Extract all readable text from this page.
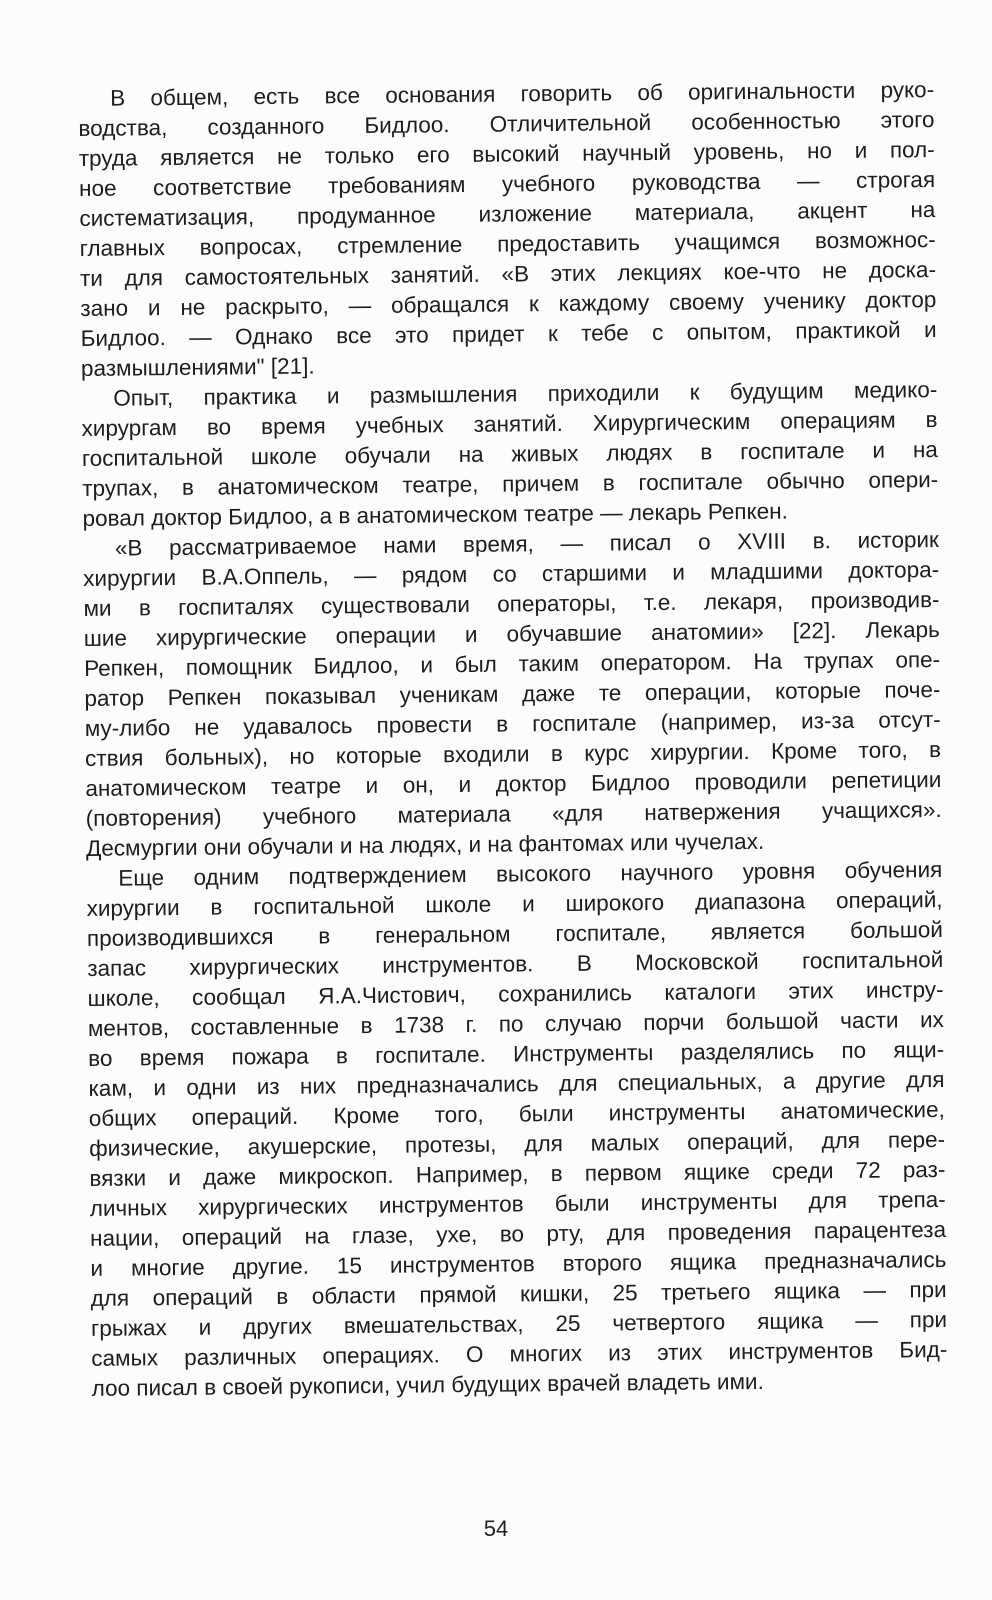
В общем, есть все основания говорить об оригинальности руко-
водства, созданного Бидлоо. Отличительной особенностью этого
труда является не только его высокий научный уровень, но и пол-
ное соответствие требованиям учебного руководства — строгая
систематизация, продуманное изложение материала, акцент на
главных вопросах, стремление предоставить учащимся возможнос-
ти для самостоятельных занятий. «В этих лекциях кое-что не доска-
зано и не раскрыто, — обращался к каждому своему ученику доктор
Бидлоо. — Однако все это придет к тебе с опытом, практикой и
размышлениями" [21].

Опыт, практика и размышления приходили к будущим медико-
хирургам во время учебных занятий. Хирургическим операциям в
госпитальной школе обучали на живых людях в госпитале и на
трупах, в анатомическом театре, причем в госпитале обычно опери-
ровал доктор Бидлоо, а в анатомическом театре — лекарь Репкен.

«В рассматриваемое нами время, — писал о XVIII в. историк
хирургии В.А.Оппель, — рядом со старшими и младшими доктора-
ми в госпиталях существовали операторы, т.е. лекаря, производив-
шие хирургические операции и обучавшие анатомии» [22]. Лекарь
Репкен, помощник Бидлоо, и был таким оператором. На трупах опе-
ратор Репкен показывал ученикам даже те операции, которые поче-
му-либо не удавалось провести в госпитале (например, из-за отсут-
ствия больных), но которые входили в курс хирургии. Кроме того, в
анатомическом театре и он, и доктор Бидлоо проводили репетиции
(повторения) учебного материала «для натвержения учащихся».
Десмургии они обучали и на людях, и на фантомах или чучелах.

Еще одним подтверждением высокого научного уровня обучения
хирургии в госпитальной школе и широкого диапазона операций,
производившихся в генеральном госпитале, является большой
запас хирургических инструментов. В Московской госпитальной
школе, сообщал Я.А.Чистович, сохранились каталоги этих инстру-
ментов, составленные в 1738 г. по случаю порчи большой части их
во время пожара в госпитале. Инструменты разделялись по ящи-
кам, и одни из них предназначались для специальных, а другие для
общих операций. Кроме того, были инструменты анатомические,
физические, акушерские, протезы, для малых операций, для пере-
вязки и даже микроскоп. Например, в первом ящике среди 72 раз-
личных хирургических инструментов были инструменты для трепа-
нации, операций на глазе, ухе, во рту, для проведения парацентеза
и многие другие. 15 инструментов второго ящика предназначались
для операций в области прямой кишки, 25 третьего ящика — при
грыжах и других вмешательствах, 25 четвертого ящика — при
самых различных операциях. О многих из этих инструментов Бид-
лоо писал в своей рукописи, учил будущих врачей владеть ими.

54
